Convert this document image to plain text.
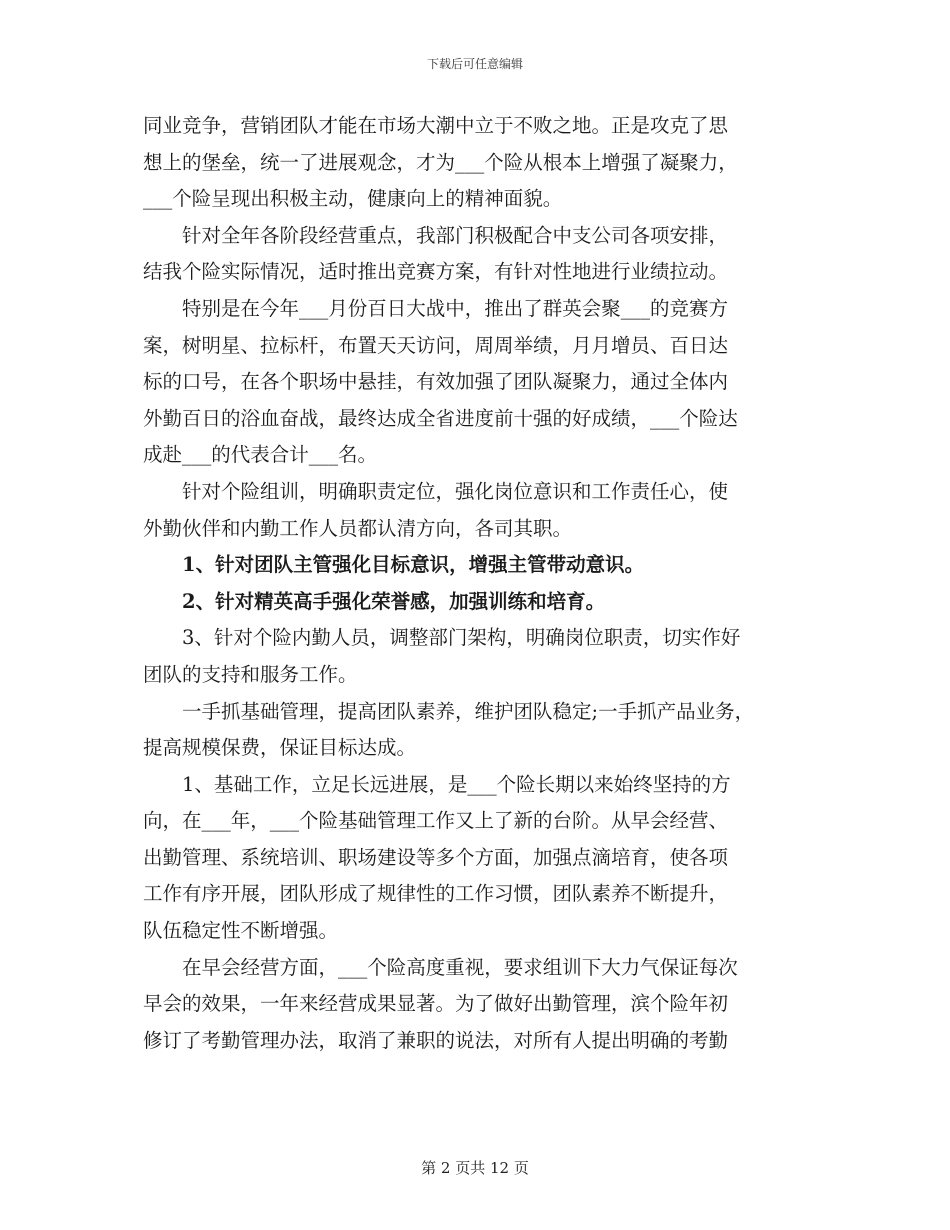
下载后可任意编辑

同业竞争，营销团队才能在市场大潮中立于不败之地。正是攻克了思
想上的堡垒，统一了进展观念，才为___个险从根本上增强了凝聚力，
___个险呈现出积极主动，健康向上的精神面貌。

针对全年各阶段经营重点，我部门积极配合中支公司各项安排，
结我个险实际情况，适时推出竞赛方案，有针对性地进行业绩拉动。

特别是在今年___月份百日大战中，推出了群英会聚___的竞赛方
案，树明星、拉标杆，布置天天访问，周周举绩，月月增员、百日达
标的口号，在各个职场中悬挂，有效加强了团队凝聚力，通过全体内
外勤百日的浴血奋战，最终达成全省进度前十强的好成绩，___个险达
成赴___的代表合计___名。

针对个险组训，明确职责定位，强化岗位意识和工作责任心，使
外勤伙伴和内勤工作人员都认清方向，各司其职。

1、针对团队主管强化目标意识，增强主管带动意识。

2、针对精英高手强化荣誉感，加强训练和培育。

3、针对个险内勤人员，调整部门架构，明确岗位职责，切实作好
团队的支持和服务工作。

一手抓基础管理，提高团队素养，维护团队稳定;一手抓产品业务，
提高规模保费，保证目标达成。

1、基础工作，立足长远进展，是___个险长期以来始终坚持的方
向，在___年，___个险基础管理工作又上了新的台阶。从早会经营、
出勤管理、系统培训、职场建设等多个方面，加强点滴培育，使各项
工作有序开展，团队形成了规律性的工作习惯，团队素养不断提升，
队伍稳定性不断增强。

在早会经营方面，___个险高度重视，要求组训下大力气保证每次
早会的效果，一年来经营成果显著。为了做好出勤管理，滨个险年初
修订了考勤管理办法，取消了兼职的说法，对所有人提出明确的考勤

第 2 页共 12 页
